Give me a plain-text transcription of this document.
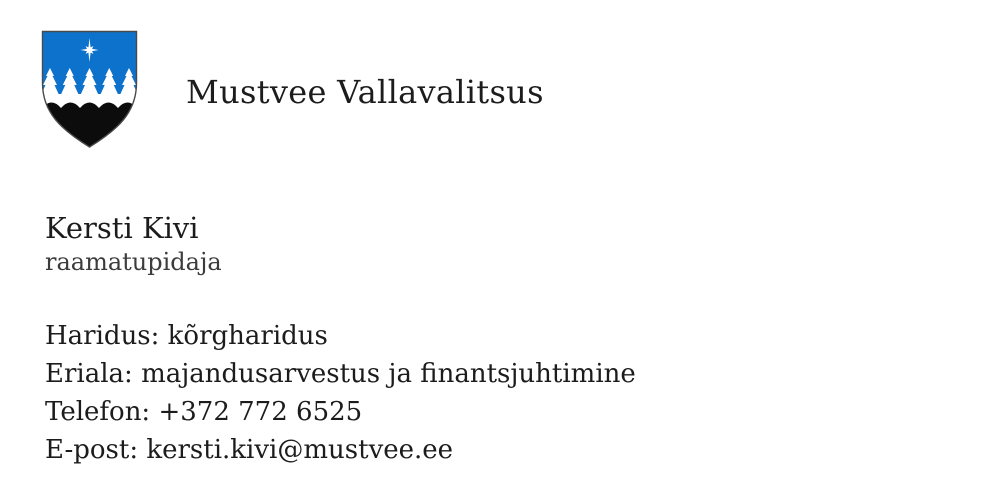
Mustvee Vallavalitsus
Kersti Kivi
raamatupidaja
Haridus: kõrgharidus
Eriala: majandusarvestus ja finantsjuhtimine
Telefon: +372 772 6525
E-post: kersti.kivi@mustvee.ee
